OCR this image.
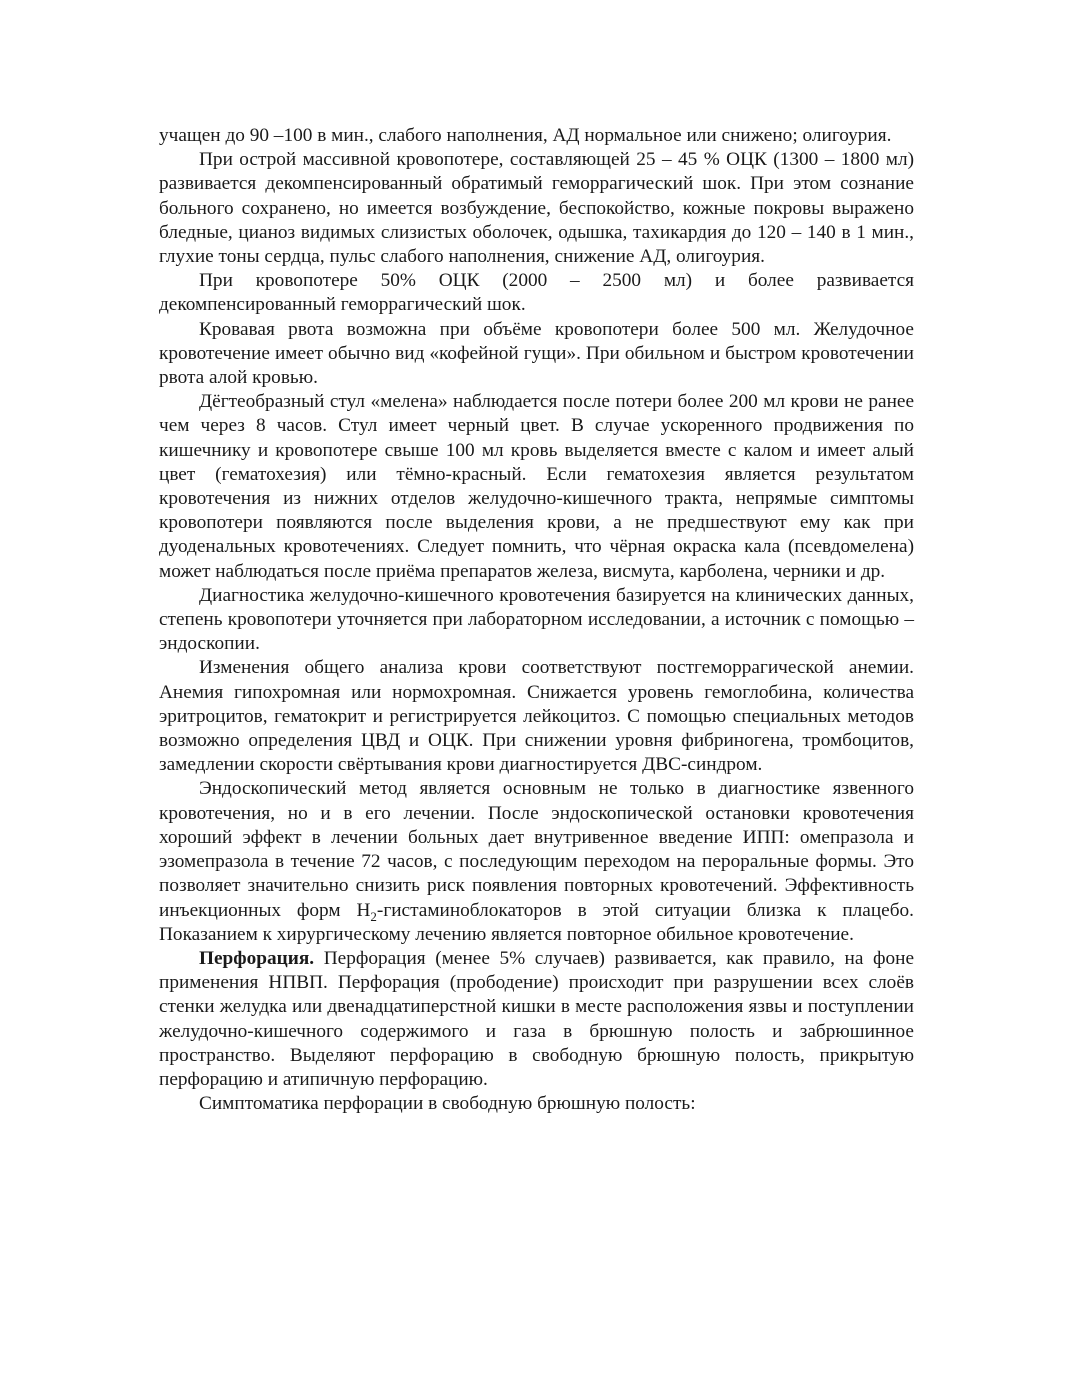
учащен до 90 –100 в мин., слабого наполнения, АД нормальное или снижено; олигоурия.

При острой массивной кровопотере, составляющей 25 – 45 % ОЦК (1300 – 1800 мл) развивается декомпенсированный обратимый геморрагический шок. При этом сознание больного сохранено, но имеется возбуждение, беспокойство, кожные покровы выражено бледные, цианоз видимых слизистых оболочек, одышка, тахикардия до 120 – 140 в 1 мин., глухие тоны сердца, пульс слабого наполнения, снижение АД, олигоурия.

При кровопотере 50% ОЦК (2000 – 2500 мл) и более развивается декомпенсированный геморрагический шок.

Кровавая рвота возможна при объёме кровопотери более 500 мл. Желудочное кровотечение имеет обычно вид «кофейной гущи». При обильном и быстром кровотечении рвота алой кровью.

Дёгтеобразный стул «мелена» наблюдается после потери более 200 мл крови не ранее чем через 8 часов. Стул имеет черный цвет. В случае ускоренного продвижения по кишечнику и кровопотере свыше 100 мл кровь выделяется вместе с калом и имеет алый цвет (гематохезия) или тёмно-красный. Если гематохезия является результатом кровотечения из нижних отделов желудочно-кишечного тракта, непрямые симптомы кровопотери появляются после выделения крови, а не предшествуют ему как при дуоденальных кровотечениях. Следует помнить, что чёрная окраска кала (псевдомелена) может наблюдаться после приёма препаратов железа, висмута, карболена, черники и др.

Диагностика желудочно-кишечного кровотечения базируется на клинических данных, степень кровопотери уточняется при лабораторном исследовании, а источник с помощью – эндоскопии.

Изменения общего анализа крови соответствуют постгеморрагической анемии. Анемия гипохромная или нормохромная. Снижается уровень гемоглобина, количества эритроцитов, гематокрит и регистрируется лейкоцитоз. С помощью специальных методов возможно определения ЦВД и ОЦК. При снижении уровня фибриногена, тромбоцитов, замедлении скорости свёртывания крови диагностируется ДВС-синдром.

Эндоскопический метод является основным не только в диагностике язвенного кровотечения, но и в его лечении. После эндоскопической остановки кровотечения хороший эффект в лечении больных дает внутривенное введение ИПП: омепразола и эзомепразола в течение 72 часов, с последующим переходом на пероральные формы. Это позволяет значительно снизить риск появления повторных кровотечений. Эффективность инъекционных форм $Н_2$-гистаминоблокаторов в этой ситуации близка к плацебо. Показанием к хирургическому лечению является повторное обильное кровотечение.

Перфорация. Перфорация (менее 5% случаев) развивается, как правило, на фоне применения НПВП. Перфорация (прободение) происходит при разрушении всех слоёв стенки желудка или двенадцатиперстной кишки в месте расположения язвы и поступлении желудочно-кишечного содержимого и газа в брюшную полость и забрюшинное пространство. Выделяют перфорацию в свободную брюшную полость, прикрытую перфорацию и атипичную перфорацию.

Симптоматика перфорации в свободную брюшную полость:
